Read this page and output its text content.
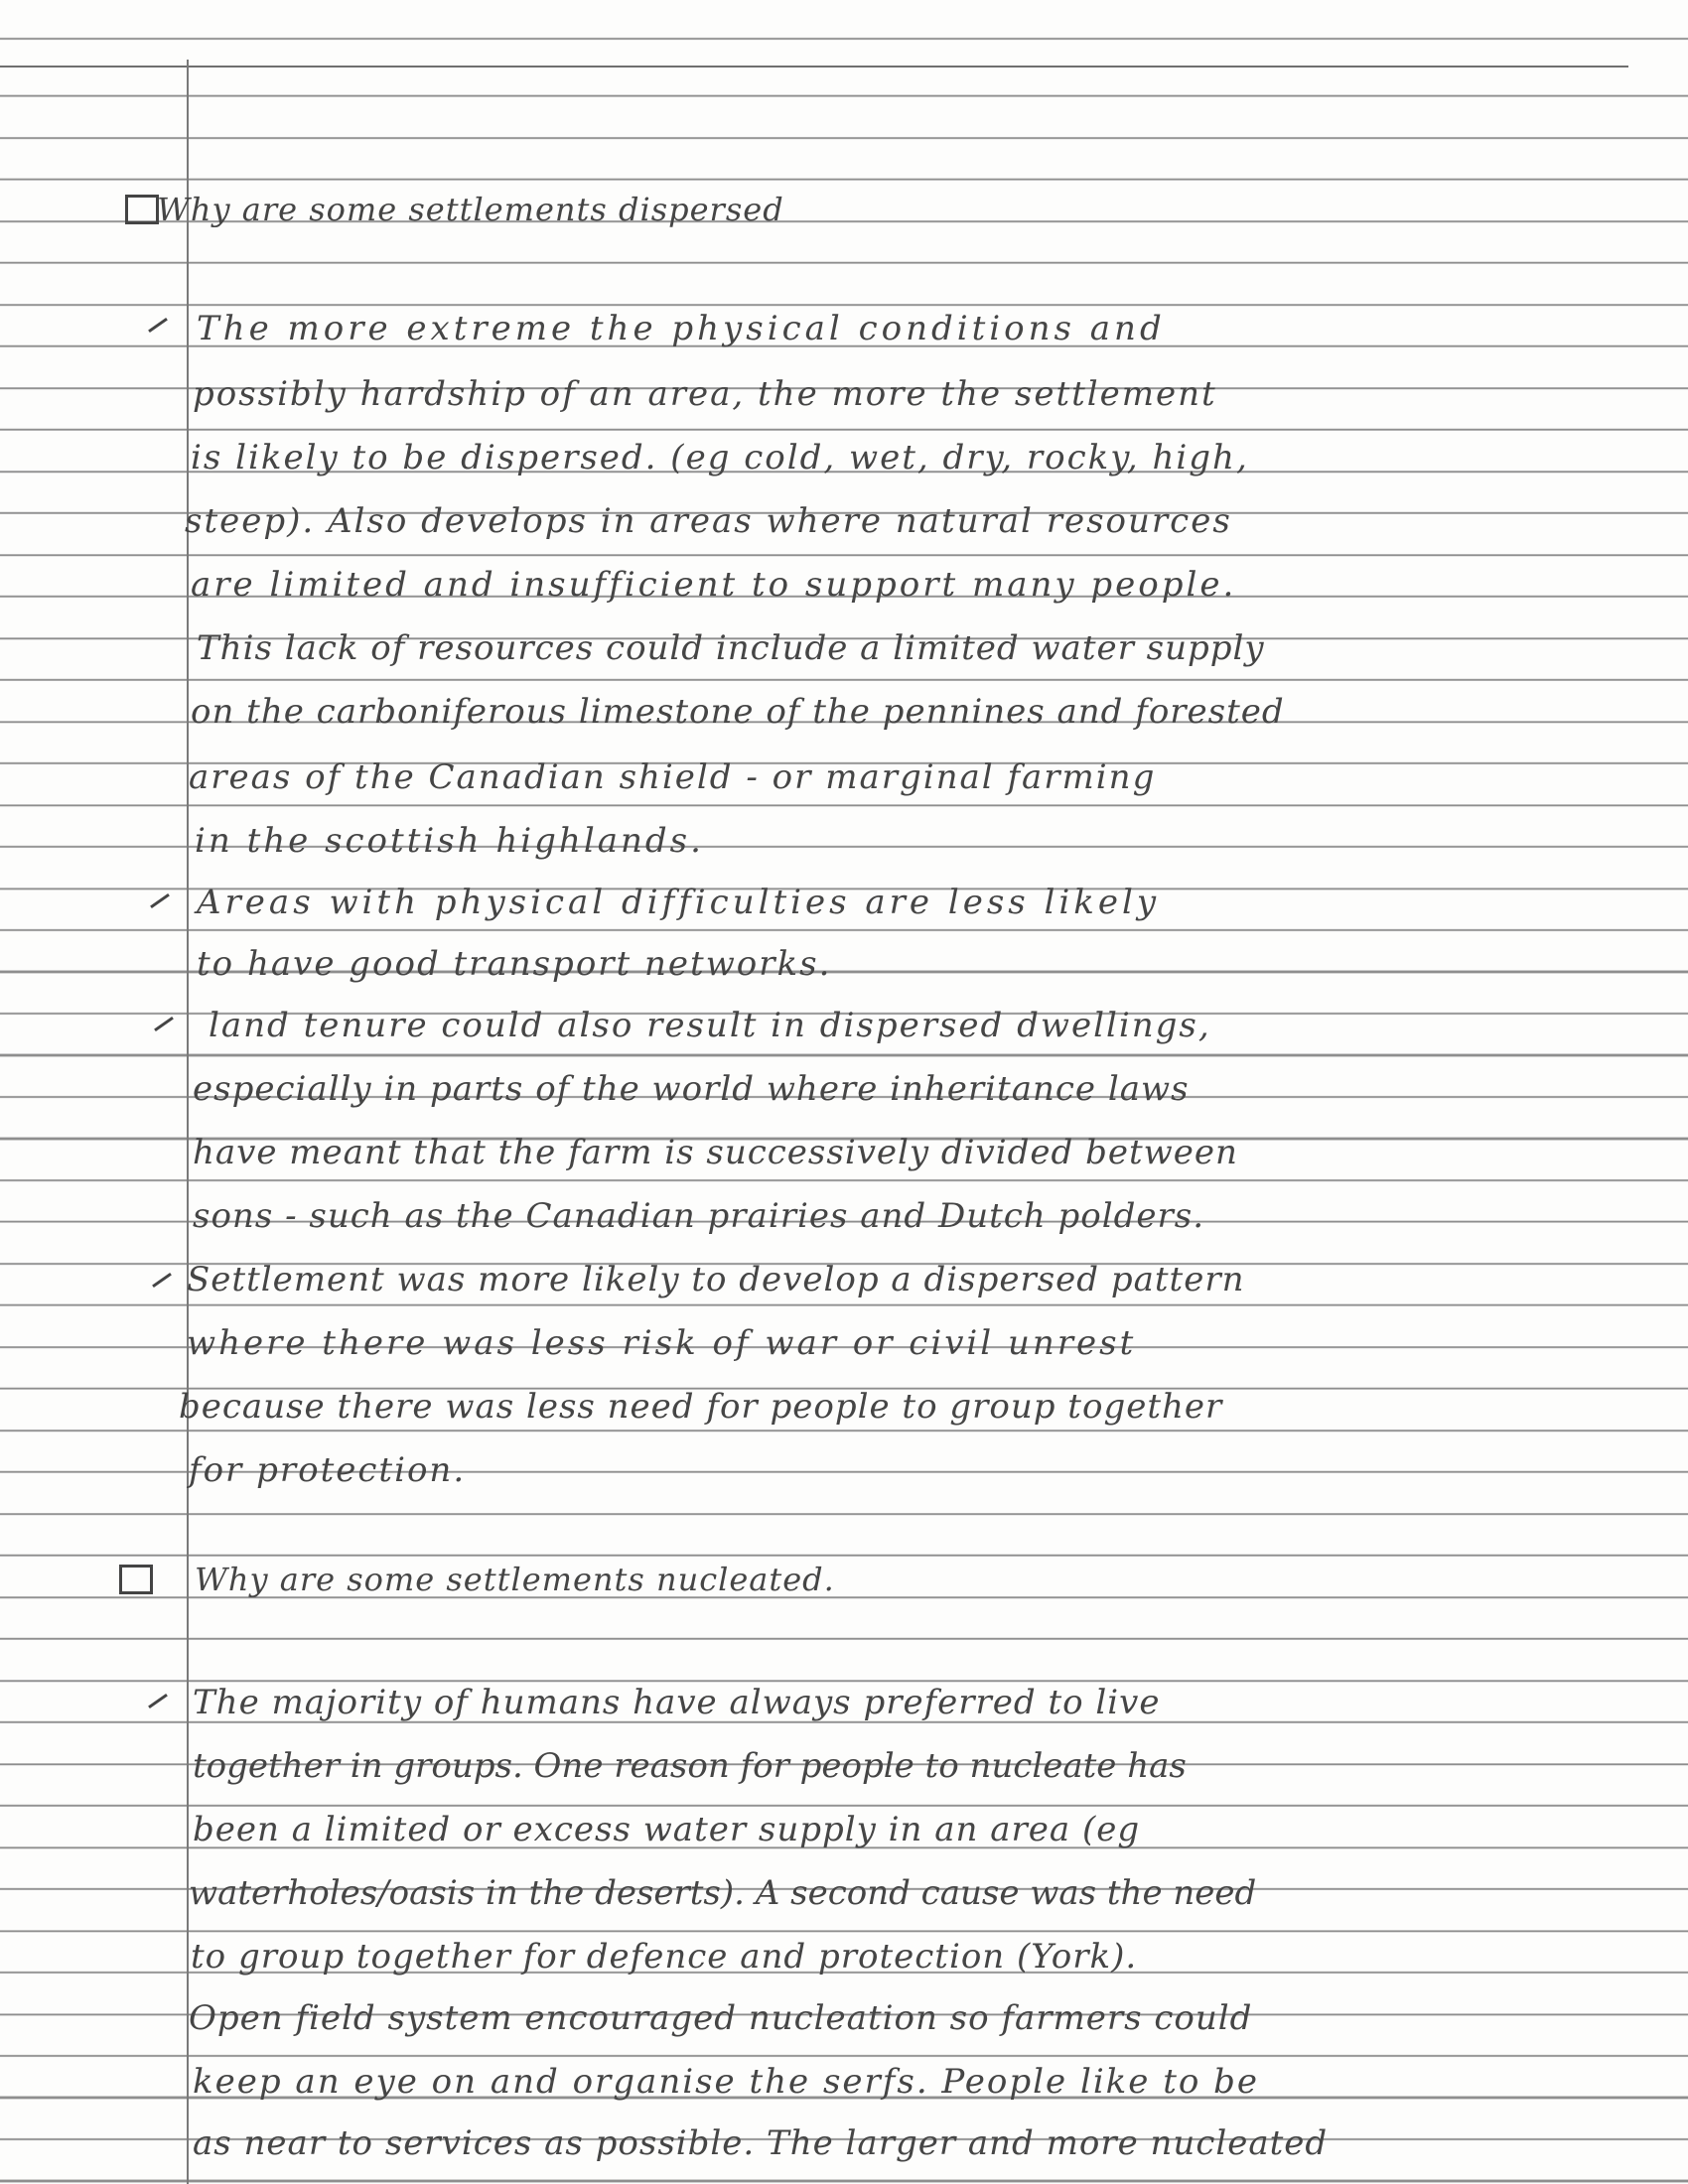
Why are some settlements dispersed
The more extreme the physical conditions and
possibly hardship of an area, the more the settlement
is likely to be dispersed. (eg cold, wet, dry, rocky, high,
steep). Also develops in areas where natural resources
are limited and insufficient to support many people.
This lack of resources could include a limited water supply
on the carboniferous limestone of the pennines and forested
areas of the Canadian shield - or marginal farming
in the scottish highlands.
Areas with physical difficulties are less likely
to have good transport networks.
land tenure could also result in dispersed dwellings,
especially in parts of the world where inheritance laws
have meant that the farm is successively divided between
sons - such as the Canadian prairies and Dutch polders.
Settlement was more likely to develop a dispersed pattern
where there was less risk of war or civil unrest
because there was less need for people to group together
for protection.
Why are some settlements nucleated.
The majority of humans have always preferred to live
together in groups. One reason for people to nucleate has
been a limited or excess water supply in an area (eg
waterholes/oasis in the deserts). A second cause was the need
to group together for defence and protection (York).
Open field system encouraged nucleation so farmers could
keep an eye on and organise the serfs. People like to be
as near to services as possible. The larger and more nucleated
